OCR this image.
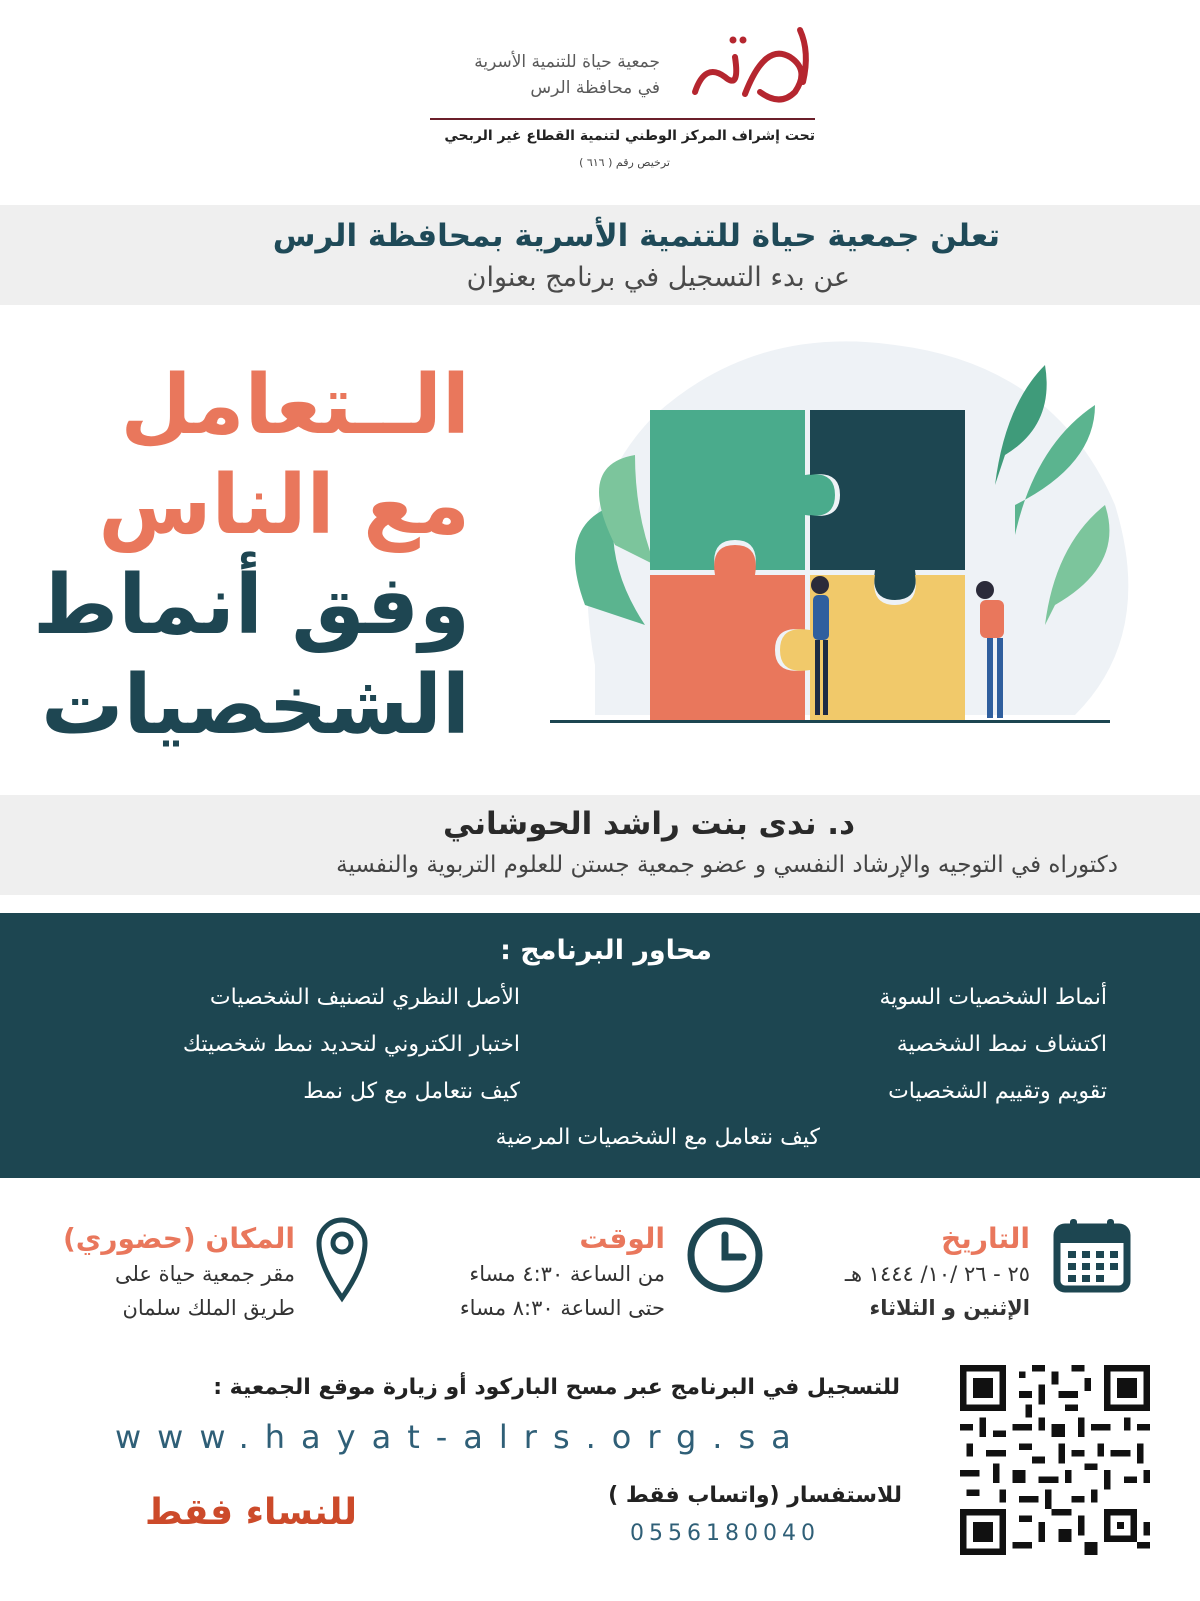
جمعية حياة للتنمية الأسرية
في محافظة الرس
تحت إشراف المركز الوطني لتنمية القطاع غير الربحي
ترخيص رقم ( ٦١٦ )
تعلن جمعية حياة للتنمية الأسرية بمحافظة الرس
عن بدء التسجيل في برنامج بعنوان
الــتعامل
مع الناس
وفق أنماط
الشخصيات
د. ندى بنت راشد الحوشاني
دكتوراه في التوجيه والإرشاد النفسي و عضو جمعية جستن للعلوم التربوية والنفسية
محاور البرنامج :
أنماط الشخصيات السوية
اكتشاف نمط الشخصية
تقويم وتقييم الشخصيات
الأصل النظري لتصنيف الشخصيات
اختبار الكتروني لتحديد نمط شخصيتك
كيف نتعامل مع كل نمط
كيف نتعامل مع الشخصيات المرضية
التاريخ
٢٥ - ٢٦ /١٠/ ١٤٤٤ هـ
الإثنين و الثلاثاء
الوقت
من الساعة ٤:٣٠ مساء
حتى الساعة ٨:٣٠ مساء
المكان (حضوري)
مقر جمعية حياة على
طريق الملك سلمان
للتسجيل في البرنامج عبر مسح الباركود أو زيارة موقع الجمعية :
www.hayat-alrs.org.sa
للاستفسار (واتساب فقط )
0556180040
للنساء فقط
